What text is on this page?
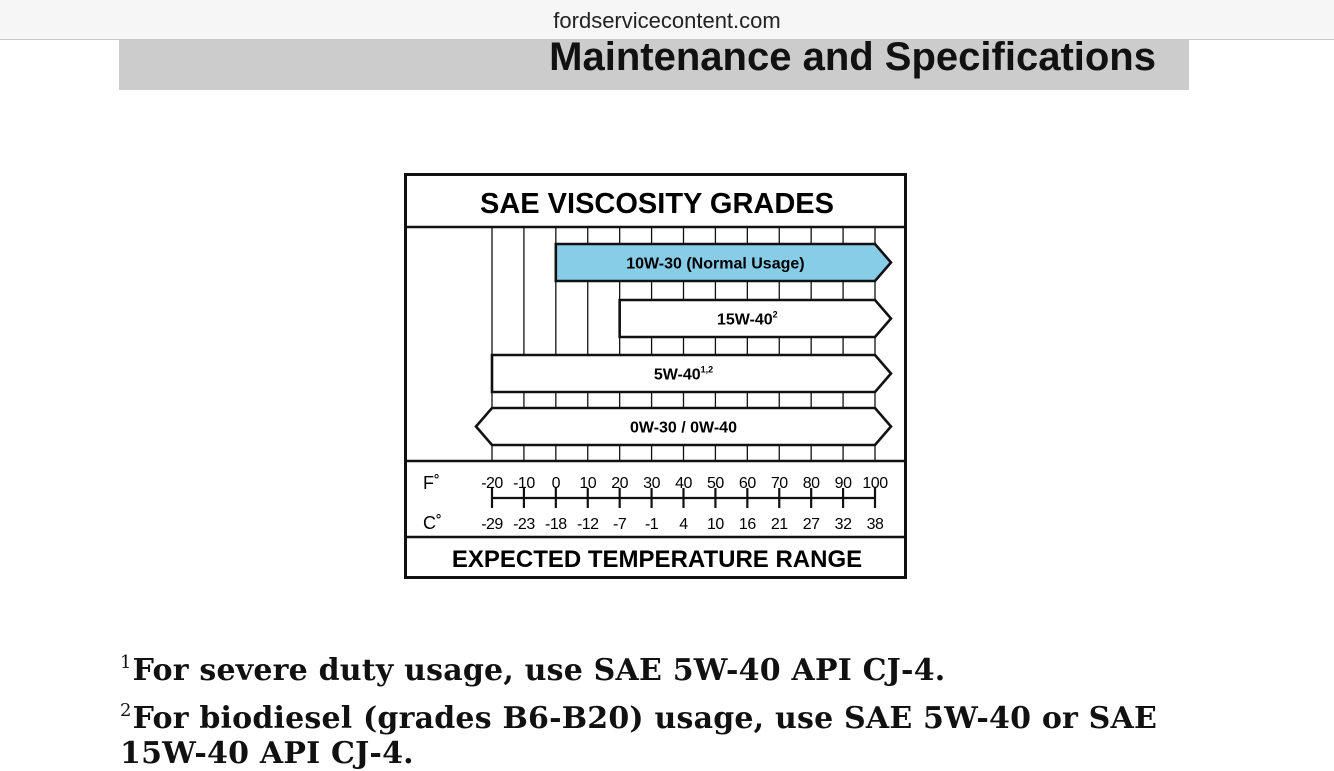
fordservicecontent.com
Maintenance and Specifications
SAE VISCOSITY GRADES
10W-30 (Normal Usage)
$15W-40^2$
5W-40$^{1,2}$
0W-30 / 0W-40
F˚
C˚
-20
-29
-10
-23
0
-18
10
-12
20
-7
30
-1
40
4
50
10
60
16
70
21
80
27
90
32
100
38
EXPECTED TEMPERATURE RANGE
$^1$For severe duty usage, use SAE 5W-40 API CJ-4.
$^2$For biodiesel (grades B6-B20) usage, use SAE 5W-40 or SAE
15W-40 API CJ-4.
